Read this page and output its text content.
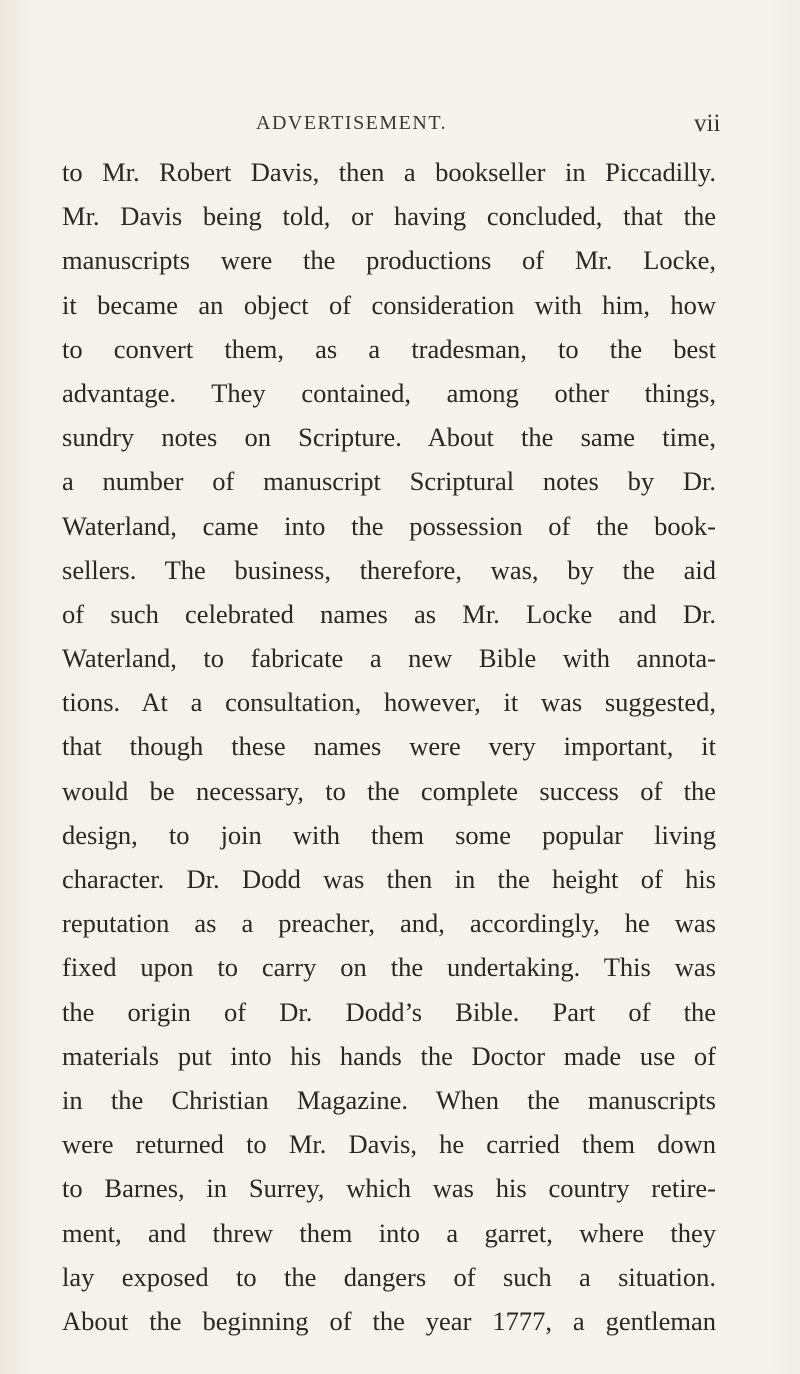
ADVERTISEMENT.	vii
to Mr. Robert Davis, then a bookseller in Piccadilly.
Mr. Davis being told, or having concluded, that the
manuscripts were the productions of Mr. Locke,
it became an object of consideration with him, how
to convert them, as a tradesman, to the best
advantage. They contained, among other things,
sundry notes on Scripture. About the same time,
a number of manuscript Scriptural notes by Dr.
Waterland, came into the possession of the book-
sellers. The business, therefore, was, by the aid
of such celebrated names as Mr. Locke and Dr.
Waterland, to fabricate a new Bible with annota-
tions. At a consultation, however, it was suggested,
that though these names were very important, it
would be necessary, to the complete success of the
design, to join with them some popular living
character. Dr. Dodd was then in the height of his
reputation as a preacher, and, accordingly, he was
fixed upon to carry on the undertaking. This was
the origin of Dr. Dodd’s Bible. Part of the
materials put into his hands the Doctor made use of
in the Christian Magazine. When the manuscripts
were returned to Mr. Davis, he carried them down
to Barnes, in Surrey, which was his country retire-
ment, and threw them into a garret, where they
lay exposed to the dangers of such a situation.
About the beginning of the year 1777, a gentleman
